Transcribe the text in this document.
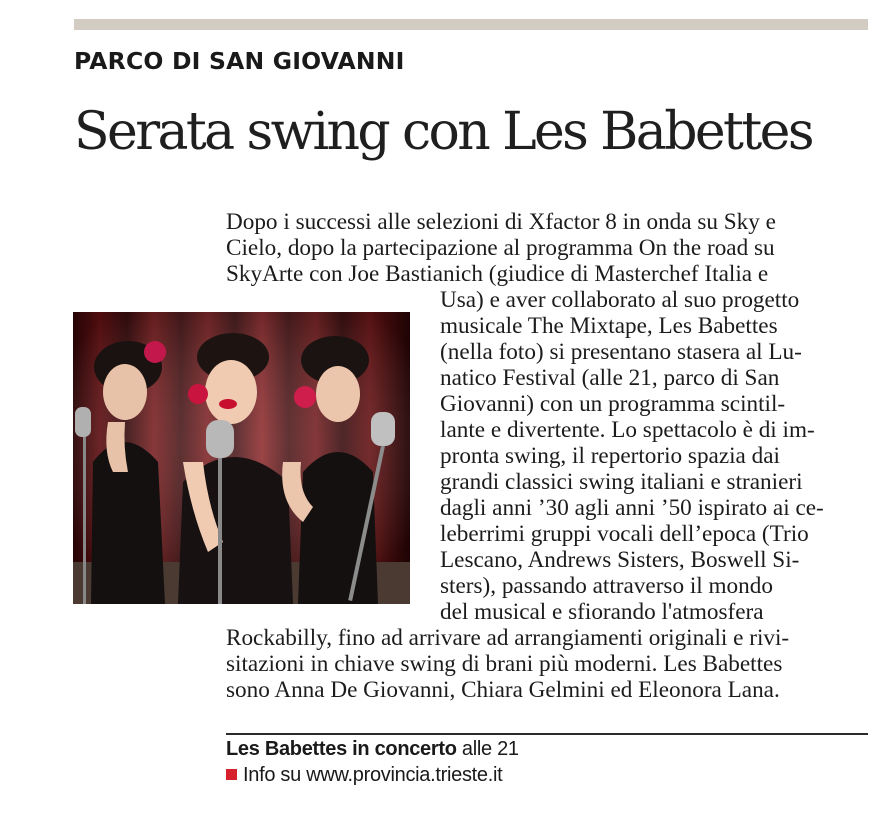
PARCO DI SAN GIOVANNI
Serata swing con Les Babettes
Dopo i successi alle selezioni di Xfactor 8 in onda su Sky e
Cielo, dopo la partecipazione al programma On the road su
SkyArte con Joe Bastianich (giudice di Masterchef Italia e
Usa) e aver collaborato al suo progetto
musicale The Mixtape, Les Babettes
(nella foto) si presentano stasera al Lu-
natico Festival (alle 21, parco di San
Giovanni) con un programma scintil-
lante e divertente. Lo spettacolo è di im-
pronta swing, il repertorio spazia dai
grandi classici swing italiani e stranieri
dagli anni ’30 agli anni ’50 ispirato ai ce-
leberrimi gruppi vocali dell’epoca (Trio
Lescano, Andrews Sisters, Boswell Si-
sters), passando attraverso il mondo
del musical e sfiorando l'atmosfera
Rockabilly, fino ad arrivare ad arrangiamenti originali e rivi-
sitazioni in chiave swing di brani più moderni. Les Babettes
sono Anna De Giovanni, Chiara Gelmini ed Eleonora Lana.
Les Babettes in concerto alle 21
Info su www.provincia.trieste.it
